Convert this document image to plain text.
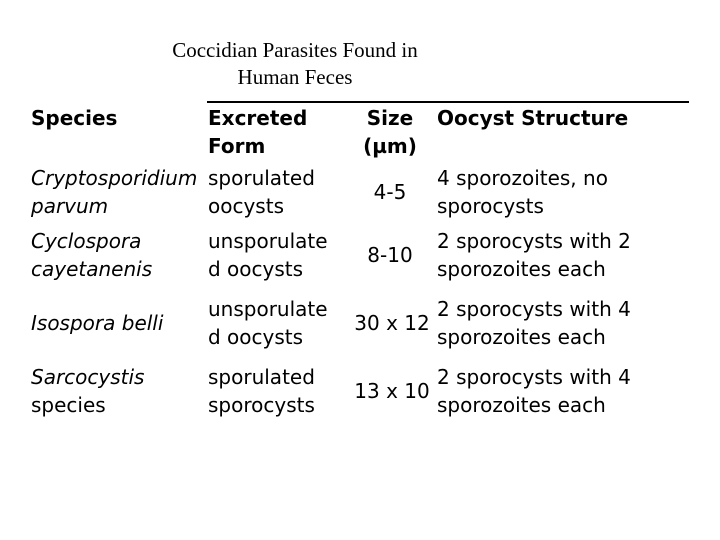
Coccidian Parasites Found in
Human Feces
Species	Excreted
Form
Size
(µm)
Oocyst Structure
Cryptosporidium
parvum
sporulated
oocysts
4-5
4 sporozoites, no
sporocysts
Cyclospora
cayetanenis
unsporulate
d oocysts
8-10
2 sporocysts with 2
sporozoites each
Isospora belli
unsporulate
d oocysts
30 x 12
2 sporocysts with 4
sporozoites each
Sarcocystis
species
sporulated
sporocysts
13 x 10
2 sporocysts with 4
sporozoites each
